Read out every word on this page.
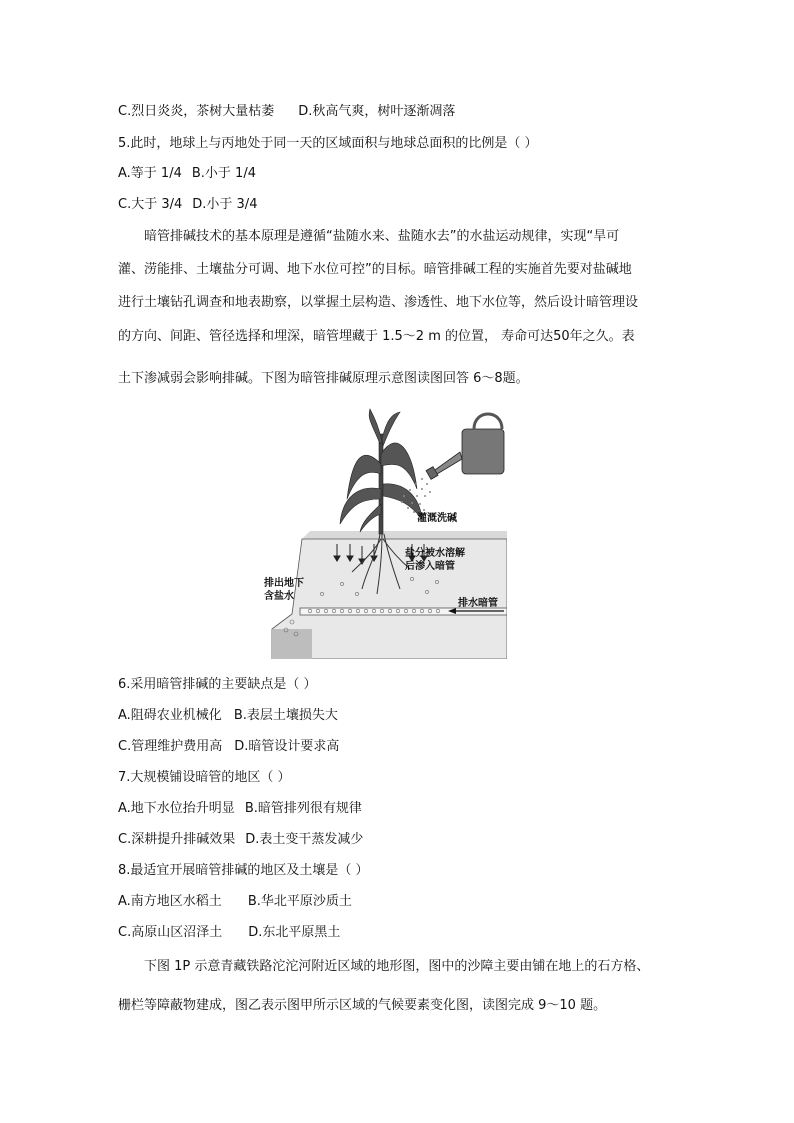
C.烈日炎炎，茶树大量枯萎 D.秋高气爽，树叶逐渐凋落
5.此时，地球上与丙地处于同一天的区域面积与地球总面积的比例是（ ）
A.等于 1/4 B.小于 1/4
C.大于 3/4 D.小于 3/4
暗管排碱技术的基本原理是遵循“盐随水来、盐随水去”的水盐运动规律，实现“旱可
灌、涝能排、土壤盐分可调、地下水位可控”的目标。暗管排碱工程的实施首先要对盐碱地
进行土壤钻孔调查和地表勘察，以掌握土层构造、渗透性、地下水位等，然后设计暗管理设
的方向、间距、管径选择和埋深，暗管埋藏于 1.5～2 m 的位置， 寿命可达50年之久。表
土下渗减弱会影响排碱。下图为暗管排碱原理示意图读图回答 6～8题。
灌溉洗碱
盐分被水溶解
后渗入暗管
排出地下
含盐水
排水暗管
6.采用暗管排碱的主要缺点是（ ）
A.阻碍农业机械化 B.表层土壤损失大
C.管理维护费用高 D.暗管设计要求高
7.大规模铺设暗管的地区（ ）
A.地下水位抬升明显 B.暗管排列很有规律
C.深耕提升排碱效果 D.表土变干蒸发减少
8.最适宜开展暗管排碱的地区及土壤是（ ）
A.南方地区水稻土 B.华北平原沙质土
C.高原山区沼泽土 D.东北平原黑土
下图 1P 示意青藏铁路沱沱河附近区域的地形图，图中的沙障主要由铺在地上的石方格、
栅栏等障蔽物建成，图乙表示图甲所示区域的气候要素变化图，读图完成 9～10 题。
